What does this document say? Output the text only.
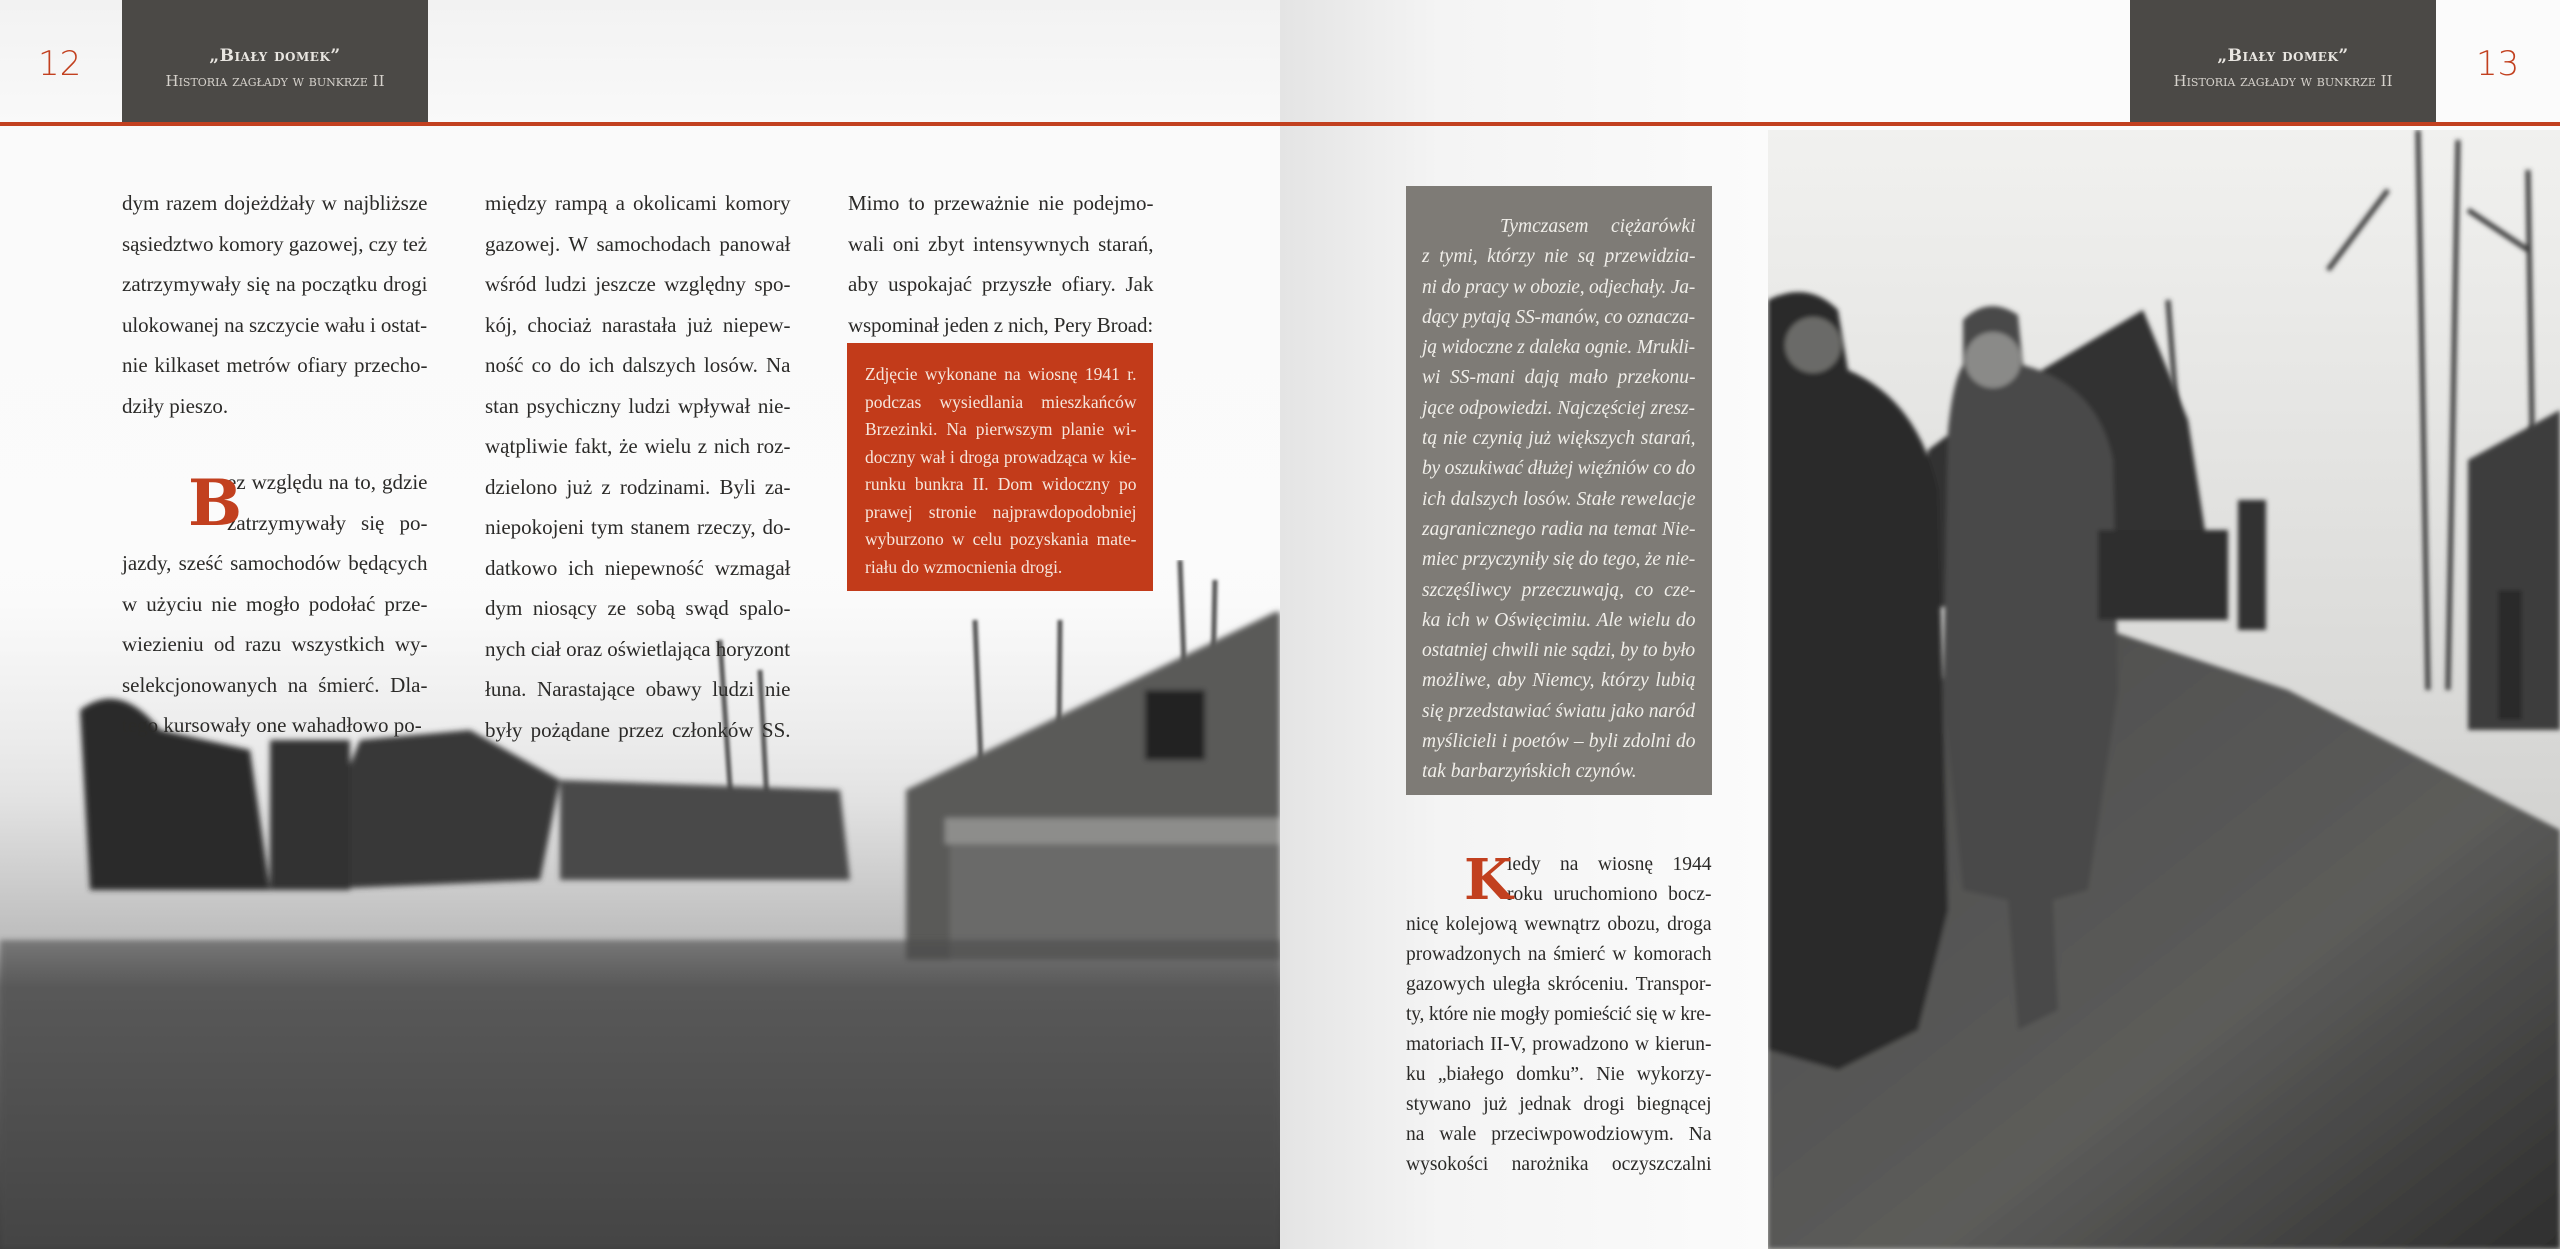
„Biały domek”
Historia zagłady w bunkrze II
12
dym razem dojeżdżały w najbliższe
sąsiedztwo komory gazowej, czy też
zatrzymywały się na początku drogi
ulokowanej na szczycie wału i ostat-
nie kilkaset metrów ofiary przecho-
dziły pieszo.
B
ez względu na to, gdzie
zatrzymywały się po-
jazdy, sześć samochodów będących
w użyciu nie mogło podołać prze-
wiezieniu od razu wszystkich wy-
selekcjonowanych na śmierć. Dla-
tego kursowały one wahadłowo po-
między rampą a okolicami komory
gazowej. W samochodach panował
wśród ludzi jeszcze względny spo-
kój, chociaż narastała już niepew-
ność co do ich dalszych losów. Na
stan psychiczny ludzi wpływał nie-
wątpliwie fakt, że wielu z nich roz-
dzielono już z rodzinami. Byli za-
niepokojeni tym stanem rzeczy, do-
datkowo ich niepewność wzmagał
dym niosący ze sobą swąd spalo-
nych ciał oraz oświetlająca horyzont
łuna. Narastające obawy ludzi nie
były pożądane przez członków SS.
Mimo to przeważnie nie podejmo-
wali oni zbyt intensywnych starań,
aby uspokajać przyszłe ofiary. Jak
wspominał jeden z nich, Pery Broad:
Zdjęcie wykonane na wiosnę 1941 r.
podczas wysiedlania mieszkańców
Brzezinki. Na pierwszym planie wi-
doczny wał i droga prowadząca w kie-
runku bunkra II. Dom widoczny po
prawej stronie najprawdopodobniej
wyburzono w celu pozyskania mate-
riału do wzmocnienia drogi.
„Biały domek”
Historia zagłady w bunkrze II	13
Tymczasem ciężarówki
z tymi, którzy nie są przewidzia-
ni do pracy w obozie, odjechały. Ja-
dący pytają SS-manów, co oznacza-
ją widoczne z daleka ognie. Mrukli-
wi SS-mani dają mało przekonu-
jące odpowiedzi. Najczęściej zresz-
tą nie czynią już większych starań,
by oszukiwać dłużej więźniów co do
ich dalszych losów. Stałe rewelacje
zagranicznego radia na temat Nie-
miec przyczyniły się do tego, że nie-
szczęśliwcy przeczuwają, co cze-
ka ich w Oświęcimiu. Ale wielu do
ostatniej chwili nie sądzi, by to było
możliwe, aby Niemcy, którzy lubią
się przedstawiać światu jako naród
myślicieli i poetów – byli zdolni do
tak barbarzyńskich czynów.
K
iedy na wiosnę 1944
roku uruchomiono bocz-
nicę kolejową wewnątrz obozu, droga
prowadzonych na śmierć w komorach
gazowych uległa skróceniu. Transpor-
ty, które nie mogły pomieścić się w kre-
matoriach II-V, prowadzono w kierun-
ku „białego domku”. Nie wykorzy-
stywano już jednak drogi biegnącej
na wale przeciwpowodziowym. Na
wysokości narożnika oczyszczalni
